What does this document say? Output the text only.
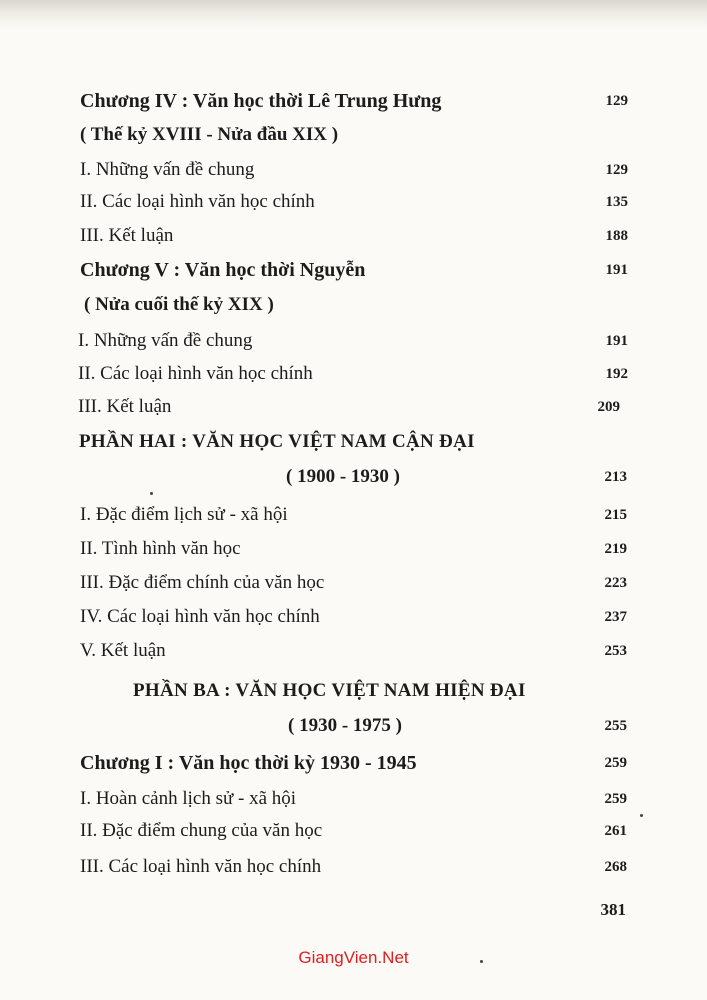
Chương IV : Văn học thời Lê Trung Hưng	129
( Thế kỷ XVIII - Nửa đầu XIX )
I. Những vấn đề chung	129
II. Các loại hình văn học chính	135
III. Kết luận	188
Chương V : Văn học thời Nguyễn	191
( Nửa cuối thế kỷ XIX )
I. Những vấn đề chung	191
II. Các loại hình văn học chính	192
III. Kết luận	209
PHẦN HAI : VĂN HỌC VIỆT NAM CẬN ĐẠI
( 1900 - 1930 )	213
I. Đặc điểm lịch sử - xã hội	215
II. Tình hình văn học	219
III. Đặc điểm chính của văn học	223
IV. Các loại hình văn học chính	237
V. Kết luận	253
PHẦN BA : VĂN HỌC VIỆT NAM HIỆN ĐẠI
( 1930 - 1975 )	255
Chương I : Văn học thời kỳ 1930 - 1945	259
I. Hoàn cảnh lịch sử - xã hội	259
II. Đặc điểm chung của văn học	261
III. Các loại hình văn học chính	268
381
GiangVien.Net
